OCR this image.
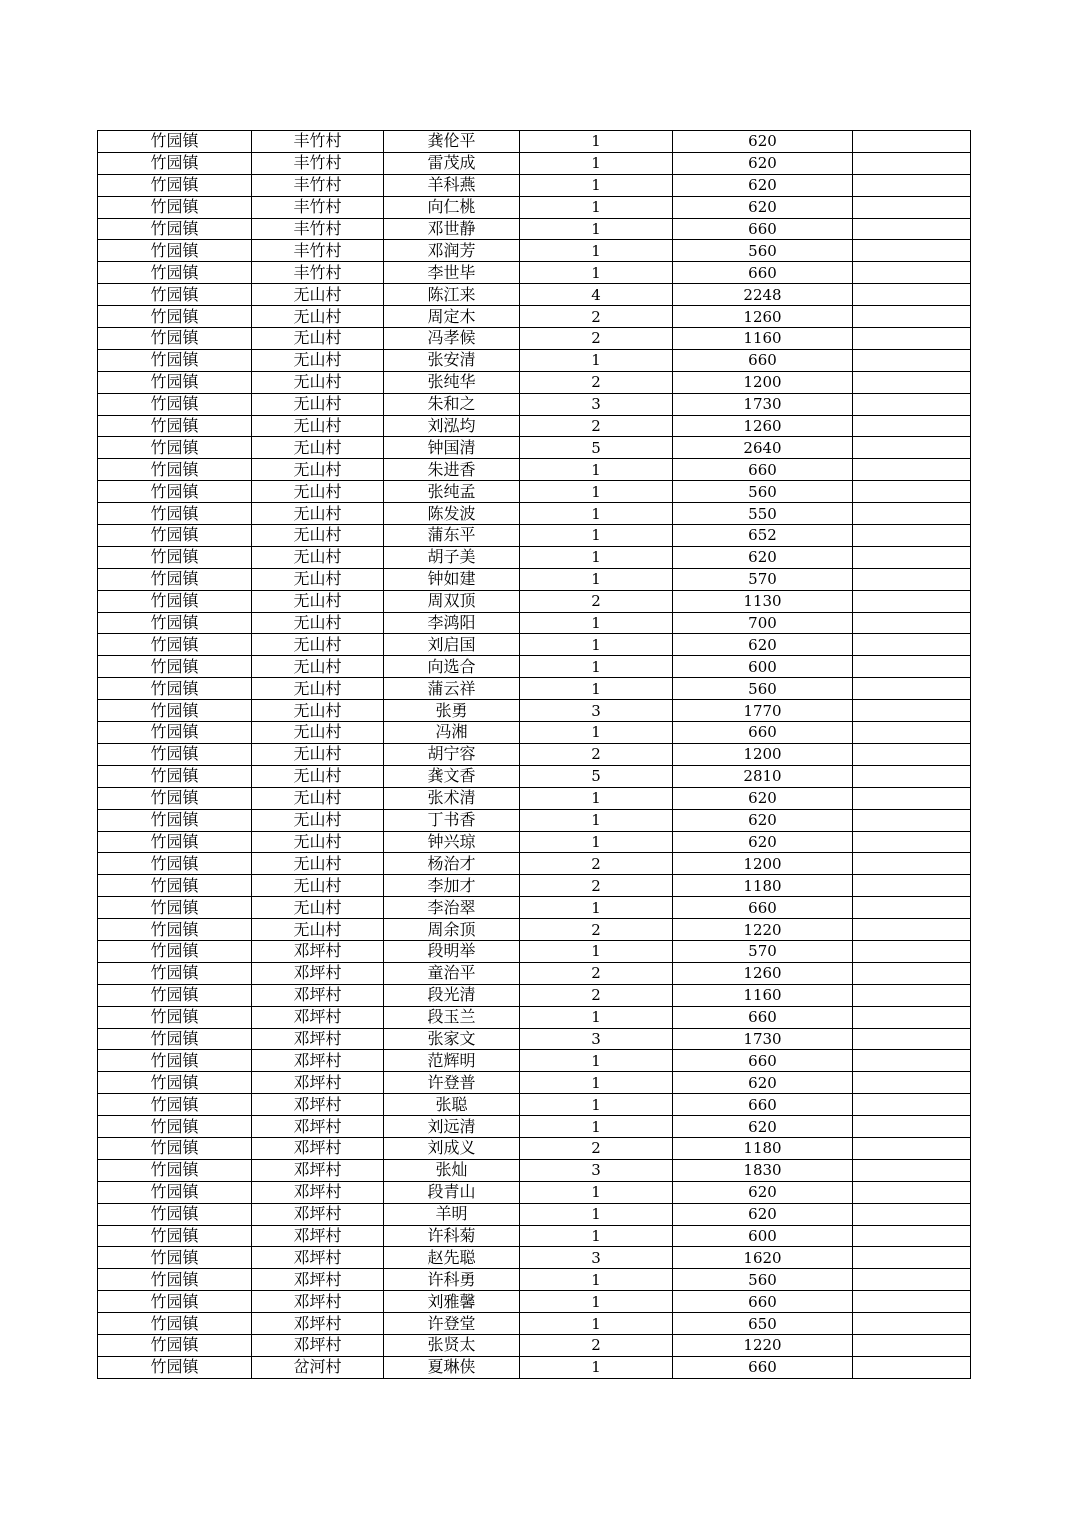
竹园镇	丰竹村	龚伦平	1	620	
竹园镇	丰竹村	雷茂成	1	620	
竹园镇	丰竹村	羊科燕	1	620	
竹园镇	丰竹村	向仁桃	1	620	
竹园镇	丰竹村	邓世静	1	660	
竹园镇	丰竹村	邓润芳	1	560	
竹园镇	丰竹村	李世毕	1	660	
竹园镇	无山村	陈江来	4	2248	
竹园镇	无山村	周定木	2	1260	
竹园镇	无山村	冯孝候	2	1160	
竹园镇	无山村	张安清	1	660	
竹园镇	无山村	张纯华	2	1200	
竹园镇	无山村	朱和之	3	1730	
竹园镇	无山村	刘泓均	2	1260	
竹园镇	无山村	钟国清	5	2640	
竹园镇	无山村	朱进香	1	660	
竹园镇	无山村	张纯孟	1	560	
竹园镇	无山村	陈发波	1	550	
竹园镇	无山村	蒲东平	1	652	
竹园镇	无山村	胡子美	1	620	
竹园镇	无山村	钟如建	1	570	
竹园镇	无山村	周双顶	2	1130	
竹园镇	无山村	李鸿阳	1	700	
竹园镇	无山村	刘启国	1	620	
竹园镇	无山村	向选合	1	600	
竹园镇	无山村	蒲云祥	1	560	
竹园镇	无山村	张勇	3	1770	
竹园镇	无山村	冯湘	1	660	
竹园镇	无山村	胡宁容	2	1200	
竹园镇	无山村	龚文香	5	2810	
竹园镇	无山村	张术清	1	620	
竹园镇	无山村	丁书香	1	620	
竹园镇	无山村	钟兴琼	1	620	
竹园镇	无山村	杨治才	2	1200	
竹园镇	无山村	李加才	2	1180	
竹园镇	无山村	李治翠	1	660	
竹园镇	无山村	周余顶	2	1220	
竹园镇	邓坪村	段明举	1	570	
竹园镇	邓坪村	童治平	2	1260	
竹园镇	邓坪村	段光清	2	1160	
竹园镇	邓坪村	段玉兰	1	660	
竹园镇	邓坪村	张家文	3	1730	
竹园镇	邓坪村	范辉明	1	660	
竹园镇	邓坪村	许登普	1	620	
竹园镇	邓坪村	张聪	1	660	
竹园镇	邓坪村	刘远清	1	620	
竹园镇	邓坪村	刘成义	2	1180	
竹园镇	邓坪村	张灿	3	1830	
竹园镇	邓坪村	段青山	1	620	
竹园镇	邓坪村	羊明	1	620	
竹园镇	邓坪村	许科菊	1	600	
竹园镇	邓坪村	赵先聪	3	1620	
竹园镇	邓坪村	许科勇	1	560	
竹园镇	邓坪村	刘雅馨	1	660	
竹园镇	邓坪村	许登堂	1	650	
竹园镇	邓坪村	张贤太	2	1220	
竹园镇	岔河村	夏琳侠	1	660	
